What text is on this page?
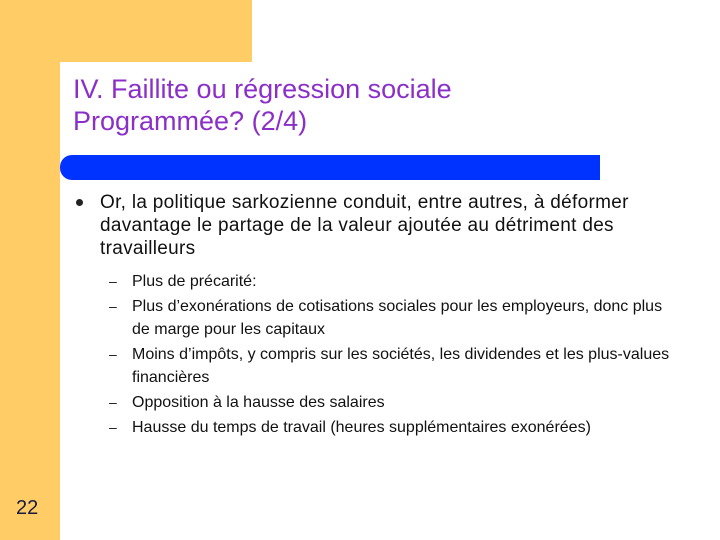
IV. Faillite ou régression sociale
Programmée? (2/4)
Or, la politique sarkozienne conduit, entre autres, à déformer davantage le partage de la valeur ajoutée au détriment des travailleurs
– Plus de précarité:
– Plus d’exonérations de cotisations sociales pour les employeurs, donc plus de marge pour les capitaux
– Moins d’impôts, y compris sur les sociétés, les dividendes et les plus-values financières
– Opposition à la hausse des salaires
– Hausse du temps de travail (heures supplémentaires exonérées)
22
